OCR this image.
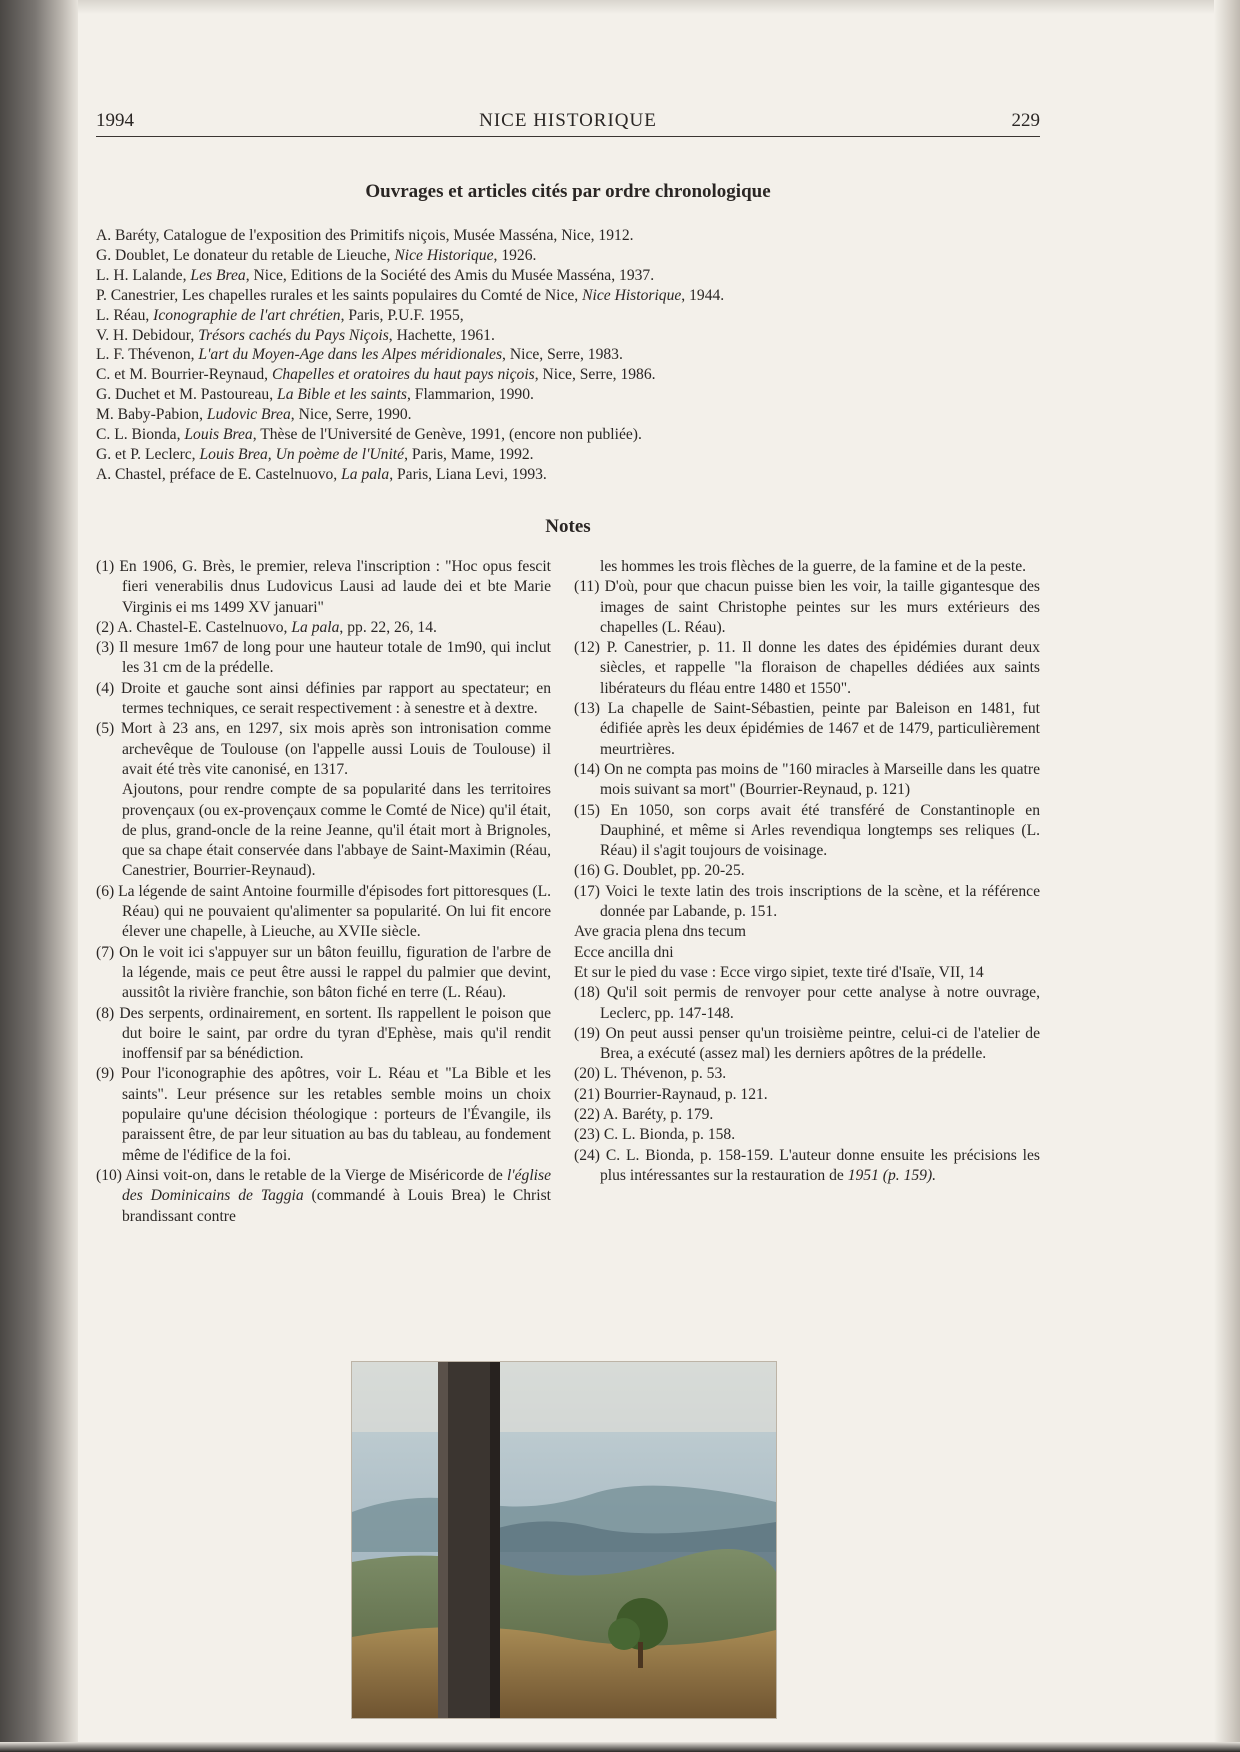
1994	NICE HISTORIQUE	229
Ouvrages et articles cités par ordre chronologique
A. Baréty, Catalogue de l'exposition des Primitifs niçois, Musée Masséna, Nice, 1912.
G. Doublet, Le donateur du retable de Lieuche, Nice Historique, 1926.
L. H. Lalande, Les Brea, Nice, Editions de la Société des Amis du Musée Masséna, 1937.
P. Canestrier, Les chapelles rurales et les saints populaires du Comté de Nice, Nice Historique, 1944.
L. Réau, Iconographie de l'art chrétien, Paris, P.U.F. 1955,
V. H. Debidour, Trésors cachés du Pays Niçois, Hachette, 1961.
L. F. Thévenon, L'art du Moyen-Age dans les Alpes méridionales, Nice, Serre, 1983.
C. et M. Bourrier-Reynaud, Chapelles et oratoires du haut pays niçois, Nice, Serre, 1986.
G. Duchet et M. Pastoureau, La Bible et les saints, Flammarion, 1990.
M. Baby-Pabion, Ludovic Brea, Nice, Serre, 1990.
C. L. Bionda, Louis Brea, Thèse de l'Université de Genève, 1991, (encore non publiée).
G. et P. Leclerc, Louis Brea, Un poème de l'Unité, Paris, Mame, 1992.
A. Chastel, préface de E. Castelnuovo, La pala, Paris, Liana Levi, 1993.
Notes

(1) En 1906, G. Brès, le premier, releva l'inscription : "Hoc opus fescit fieri venerabilis dnus Ludovicus Lausi ad laude dei et bte Marie Virginis ei ms 1499 XV januari"

(2) A. Chastel-E. Castelnuovo, La pala, pp. 22, 26, 14.

(3) Il mesure 1m67 de long pour une hauteur totale de 1m90, qui inclut les 31 cm de la prédelle.

(4) Droite et gauche sont ainsi définies par rapport au spectateur; en termes techniques, ce serait respectivement : à senestre et à dextre.

(5) Mort à 23 ans, en 1297, six mois après son intronisation comme archevêque de Toulouse (on l'appelle aussi Louis de Toulouse) il avait été très vite canonisé, en 1317.

Ajoutons, pour rendre compte de sa popularité dans les territoires provençaux (ou ex-provençaux comme le Comté de Nice) qu'il était, de plus, grand-oncle de la reine Jeanne, qu'il était mort à Brignoles, que sa chape était conservée dans l'abbaye de Saint-Maximin (Réau, Canestrier, Bourrier-Reynaud).

(6) La légende de saint Antoine fourmille d'épisodes fort pittoresques (L. Réau) qui ne pouvaient qu'alimenter sa popularité. On lui fit encore élever une chapelle, à Lieuche, au XVIIe siècle.

(7) On le voit ici s'appuyer sur un bâton feuillu, figuration de l'arbre de la légende, mais ce peut être aussi le rappel du palmier que devint, aussitôt la rivière franchie, son bâton fiché en terre (L. Réau).

(8) Des serpents, ordinairement, en sortent. Ils rappellent le poison que dut boire le saint, par ordre du tyran d'Ephèse, mais qu'il rendit inoffensif par sa bénédiction.

(9) Pour l'iconographie des apôtres, voir L. Réau et "La Bible et les saints". Leur présence sur les retables semble moins un choix populaire qu'une décision théologique : porteurs de l'Évangile, ils paraissent être, de par leur situation au bas du tableau, au fondement même de l'édifice de la foi.

(10) Ainsi voit-on, dans le retable de la Vierge de Miséricorde de l'église des Dominicains de Taggia (commandé à Louis Brea) le Christ brandissant contre

les hommes les trois flèches de la guerre, de la famine et de la peste.

(11) D'où, pour que chacun puisse bien les voir, la taille gigantesque des images de saint Christophe peintes sur les murs extérieurs des chapelles (L. Réau).

(12) P. Canestrier, p. 11. Il donne les dates des épidémies durant deux siècles, et rappelle "la floraison de chapelles dédiées aux saints libérateurs du fléau entre 1480 et 1550".

(13) La chapelle de Saint-Sébastien, peinte par Baleison en 1481, fut édifiée après les deux épidémies de 1467 et de 1479, particulièrement meurtrières.

(14) On ne compta pas moins de "160 miracles à Marseille dans les quatre mois suivant sa mort" (Bourrier-Reynaud, p. 121)

(15) En 1050, son corps avait été transféré de Constantinople en Dauphiné, et même si Arles revendiqua longtemps ses reliques (L. Réau) il s'agit toujours de voisinage.

(16) G. Doublet, pp. 20-25.

(17) Voici le texte latin des trois inscriptions de la scène, et la référence donnée par Labande, p. 151.

Ave gracia plena dns tecum

Ecce ancilla dni

Et sur le pied du vase : Ecce virgo sipiet, texte tiré d'Isaïe, VII, 14

(18) Qu'il soit permis de renvoyer pour cette analyse à notre ouvrage, Leclerc, pp. 147-148.

(19) On peut aussi penser qu'un troisième peintre, celui-ci de l'atelier de Brea, a exécuté (assez mal) les derniers apôtres de la prédelle.

(20) L. Thévenon, p. 53.

(21) Bourrier-Raynaud, p. 121.

(22) A. Baréty, p. 179.

(23) C. L. Bionda, p. 158.

(24) C. L. Bionda, p. 158-159. L'auteur donne ensuite les précisions les plus intéressantes sur la restauration de 1951 (p. 159).
